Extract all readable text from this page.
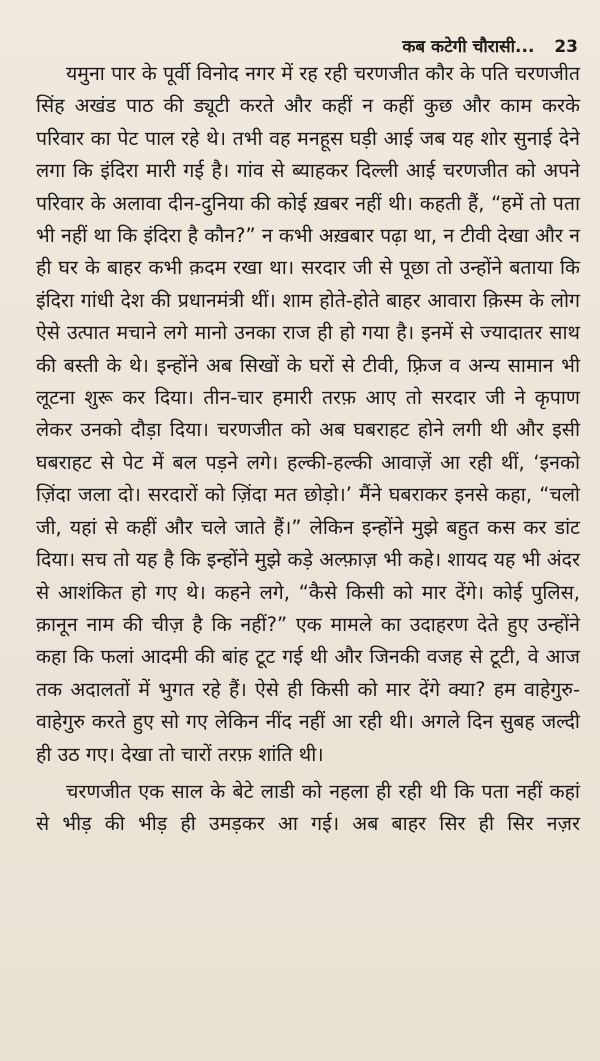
कब कटेगी चौरासी... 23

यमुना पार के पूर्वी विनोद नगर में रह रही चरणजीत कौर के पति चरणजीत सिंह अखंड पाठ की ड्यूटी करते और कहीं न कहीं कुछ और काम करके परिवार का पेट पाल रहे थे। तभी वह मनहूस घड़ी आई जब यह शोर सुनाई देने लगा कि इंदिरा मारी गई है। गांव से ब्याहकर दिल्ली आई चरणजीत को अपने परिवार के अलावा दीन-दुनिया की कोई ख़बर नहीं थी। कहती हैं, “हमें तो पता भी नहीं था कि इंदिरा है कौन?” न कभी अख़बार पढ़ा था, न टीवी देखा और न ही घर के बाहर कभी क़दम रखा था। सरदार जी से पूछा तो उन्होंने बताया कि इंदिरा गांधी देश की प्रधानमंत्री थीं। शाम होते-होते बाहर आवारा क़िस्म के लोग ऐसे उत्पात मचाने लगे मानो उनका राज ही हो गया है। इनमें से ज्यादातर साथ की बस्ती के थे। इन्होंने अब सिखों के घरों से टीवी, फ़्रिज व अन्य सामान भी लूटना शुरू कर दिया। तीन-चार हमारी तरफ़ आए तो सरदार जी ने कृपाण लेकर उनको दौड़ा दिया। चरणजीत को अब घबराहट होने लगी थी और इसी घबराहट से पेट में बल पड़ने लगे। हल्की-हल्की आवाज़ें आ रही थीं, ‘इनको ज़िंदा जला दो। सरदारों को ज़िंदा मत छोड़ो।’ मैंने घबराकर इनसे कहा, “चलो जी, यहां से कहीं और चले जाते हैं।” लेकिन इन्होंने मुझे बहुत कस कर डांट दिया। सच तो यह है कि इन्होंने मुझे कड़े अल्फ़ाज़ भी कहे। शायद यह भी अंदर से आशंकित हो गए थे। कहने लगे, “कैसे किसी को मार देंगे। कोई पुलिस, क़ानून नाम की चीज़ है कि नहीं?” एक मामले का उदाहरण देते हुए उन्होंने कहा कि फलां आदमी की बांह टूट गई थी और जिनकी वजह से टूटी, वे आज तक अदालतों में भुगत रहे हैं। ऐसे ही किसी को मार देंगे क्या? हम वाहेगुरु-वाहेगुरु करते हुए सो गए लेकिन नींद नहीं आ रही थी। अगले दिन सुबह जल्दी ही उठ गए। देखा तो चारों तरफ़ शांति थी।

चरणजीत एक साल के बेटे लाडी को नहला ही रही थी कि पता नहीं कहां से भीड़ की भीड़ ही उमड़कर आ गई। अब बाहर सिर ही सिर नज़र
